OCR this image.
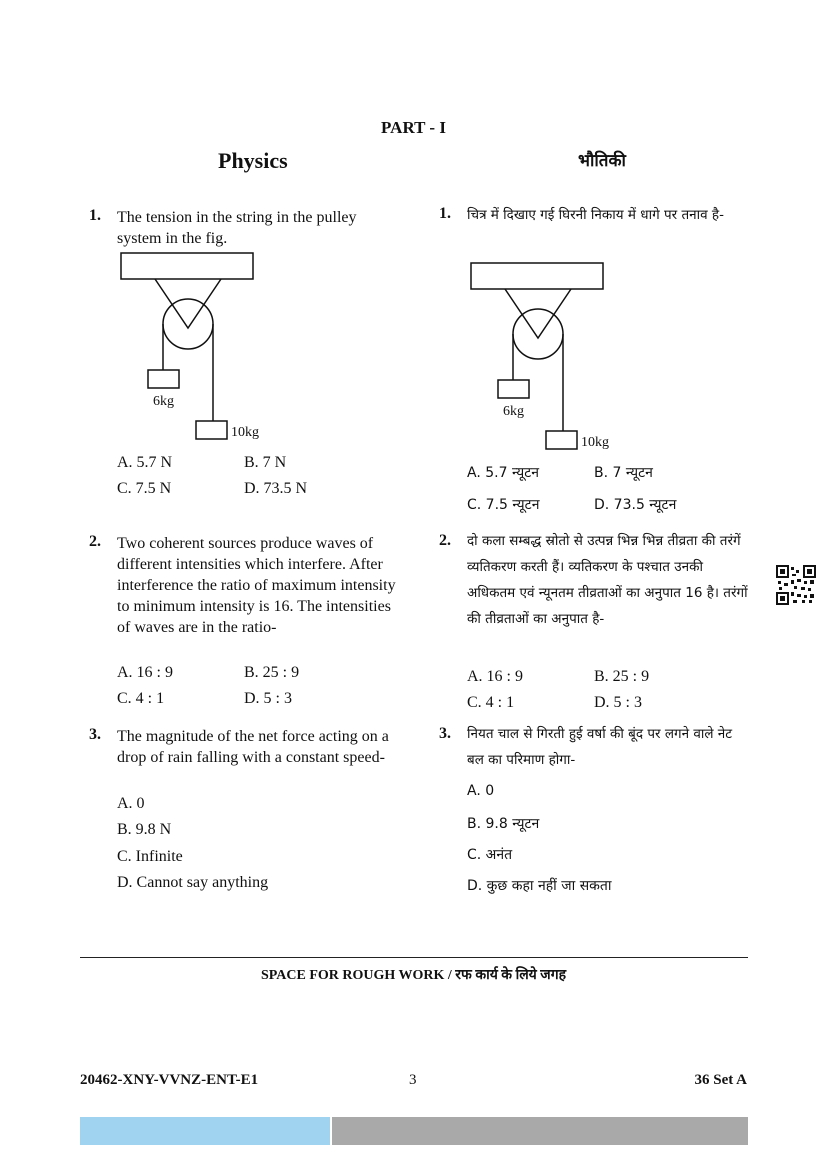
PART - I
Physics	भौतिकी
1. The tension in the string in the pulley system in the fig.
6kg
10kg
A. 5.7 N	B. 7 N
C. 7.5 N	D. 73.5 N
2. Two coherent sources produce waves of different intensities which interfere. After interference the ratio of maximum intensity to minimum intensity is 16. The intensities of waves are in the ratio-
A. 16 : 9	B. 25 : 9
C. 4 : 1	D. 5 : 3
3. The magnitude of the net force acting on a drop of rain falling with a constant speed-
A. 0
B. 9.8 N
C. Infinite
D. Cannot say anything
1. चित्र में दिखाए गई घिरनी निकाय में धागे पर तनाव है-
6kg
10kg
A. 5.7 न्यूटन	B. 7 न्यूटन
C. 7.5 न्यूटन	D. 73.5 न्यूटन
2. दो कला सम्बद्ध स्रोतो से उत्पन्न भिन्न भिन्न तीव्रता की तरंगें व्यतिकरण करती हैं। व्यतिकरण के पश्चात उनकी अधिकतम एवं न्यूनतम तीव्रताओं का अनुपात 16 है। तरंगों की तीव्रताओं का अनुपात है-
A. 16 : 9	B. 25 : 9
C. 4 : 1	D. 5 : 3
3. नियत चाल से गिरती हुई वर्षा की बूंद पर लगने वाले नेट बल का परिमाण होगा-
A. 0
B. 9.8 न्यूटन
C. अनंत
D. कुछ कहा नहीं जा सकता
SPACE FOR ROUGH WORK / रफ कार्य के लिये जगह
20462-XNY-VVNZ-ENT-E1	3	36 Set A
